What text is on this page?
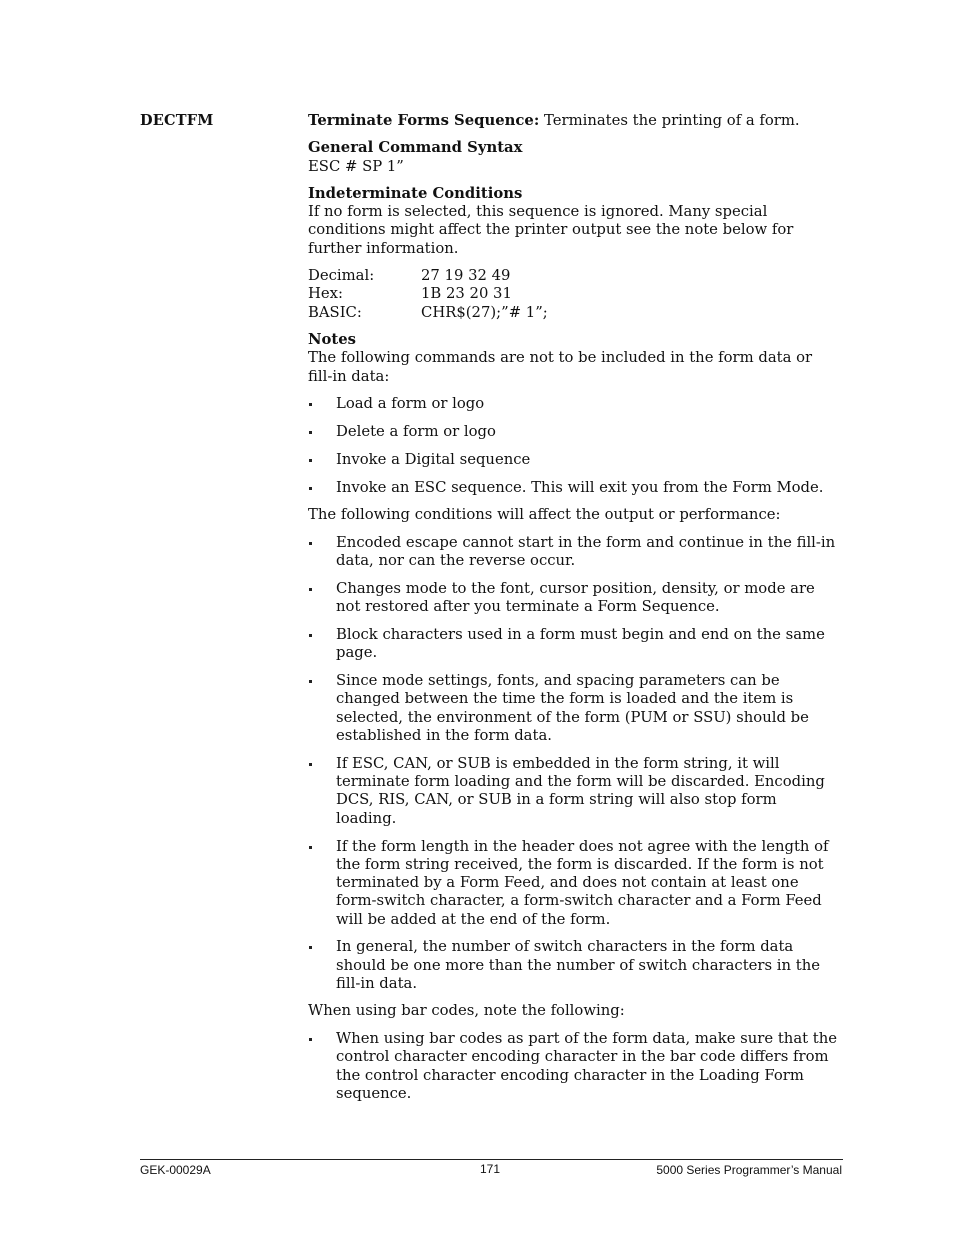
DECTFM	Terminate Forms Sequence: Terminates the printing of a form.

General Command Syntax

ESC # SP 1”

Indeterminate Conditions

If no form is selected, this sequence is ignored. Many special conditions might affect the printer output see the note below for further information.

Decimal:	27 19 32 49
Hex:	1B 23 20 31
BASIC:	CHR$(27);”# 1”;

Notes

The following commands are not to be included in the form data or fill-in data:

Load a form or logo
Delete a form or logo
Invoke a Digital sequence
Invoke an ESC sequence. This will exit you from the Form Mode.

The following conditions will affect the output or performance:

Encoded escape cannot start in the form and continue in the fill-in data, nor can the reverse occur.
Changes mode to the font, cursor position, density, or mode are not restored after you terminate a Form Sequence.
Block characters used in a form must begin and end on the same page.
Since mode settings, fonts, and spacing parameters can be changed between the time the form is loaded and the item is selected, the environment of the form (PUM or SSU) should be established in the form data.
If ESC, CAN, or SUB is embedded in the form string, it will terminate form loading and the form will be discarded. Encoding DCS, RIS, CAN, or SUB in a form string will also stop form loading.
If the form length in the header does not agree with the length of the form string received, the form is discarded. If the form is not terminated by a Form Feed, and does not contain at least one form-switch character, a form-switch character and a Form Feed will be added at the end of the form.
In general, the number of switch characters in the form data should be one more than the number of switch characters in the fill-in data.

When using bar codes, note the following:

When using bar codes as part of the form data, make sure that the control character encoding character in the bar code differs from the control character encoding character in the Loading Form sequence.
GEK-00029A	171	5000 Series Programmer’s Manual
